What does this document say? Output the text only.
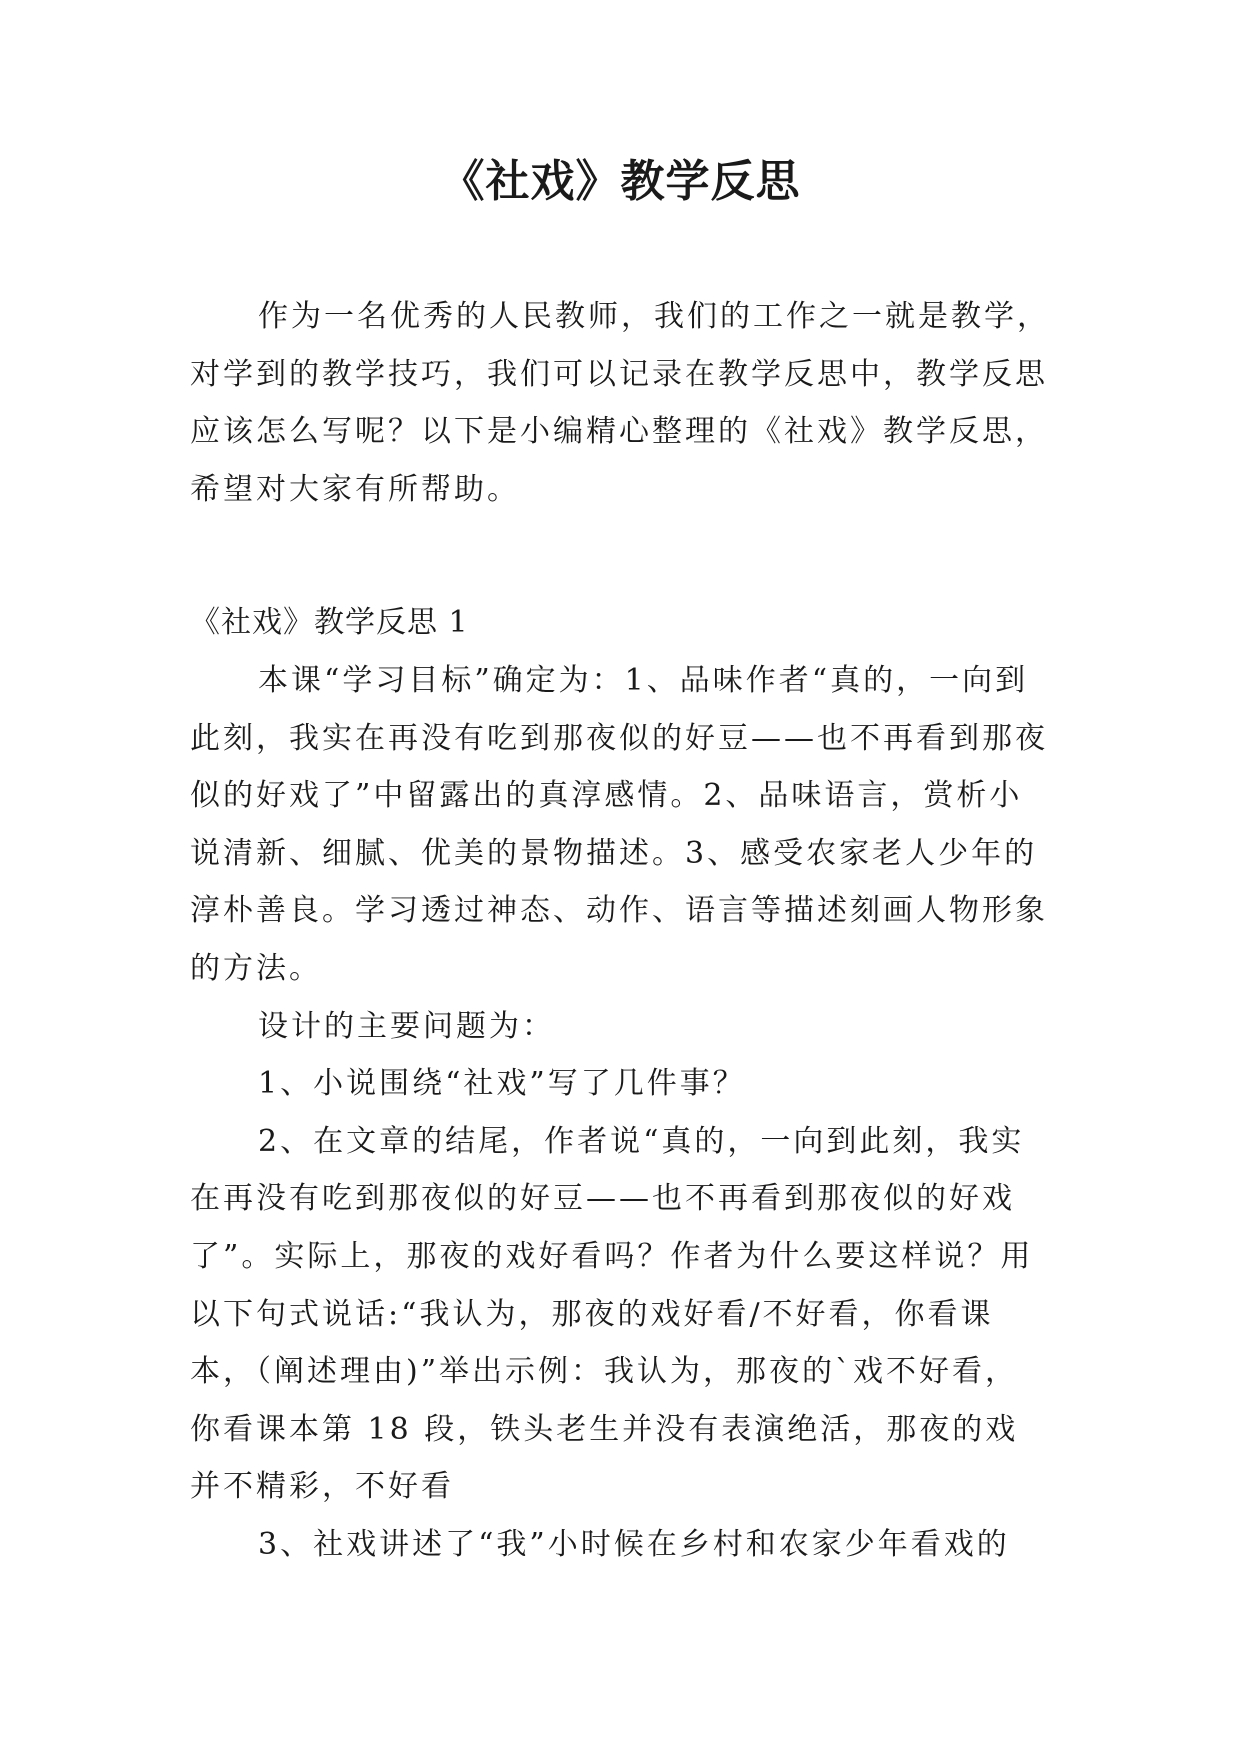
《社戏》教学反思

作为一名优秀的人民教师，我们的工作之一就是教学，对学到的教学技巧，我们可以记录在教学反思中，教学反思应该怎么写呢？以下是小编精心整理的《社戏》教学反思，希望对大家有所帮助。

《社戏》教学反思 1

本课“学习目标”确定为：1、品味作者“真的，一向到此刻，我实在再没有吃到那夜似的好豆——也不再看到那夜似的好戏了”中留露出的真淳感情。2、品味语言，赏析小说清新、细腻、优美的景物描述。3、感受农家老人少年的淳朴善良。学习透过神态、动作、语言等描述刻画人物形象的方法。

设计的主要问题为：

1、小说围绕“社戏”写了几件事？

2、在文章的结尾，作者说“真的，一向到此刻，我实在再没有吃到那夜似的好豆——也不再看到那夜似的好戏了”。实际上，那夜的戏好看吗？作者为什么要这样说？用以下句式说话:“我认为，那夜的戏好看/不好看，你看课本，（阐述理由)”举出示例：我认为，那夜的`戏不好看，你看课本第 18 段，铁头老生并没有表演绝活，那夜的戏并不精彩，不好看

3、社戏讲述了“我”小时候在乡村和农家少年看戏的
